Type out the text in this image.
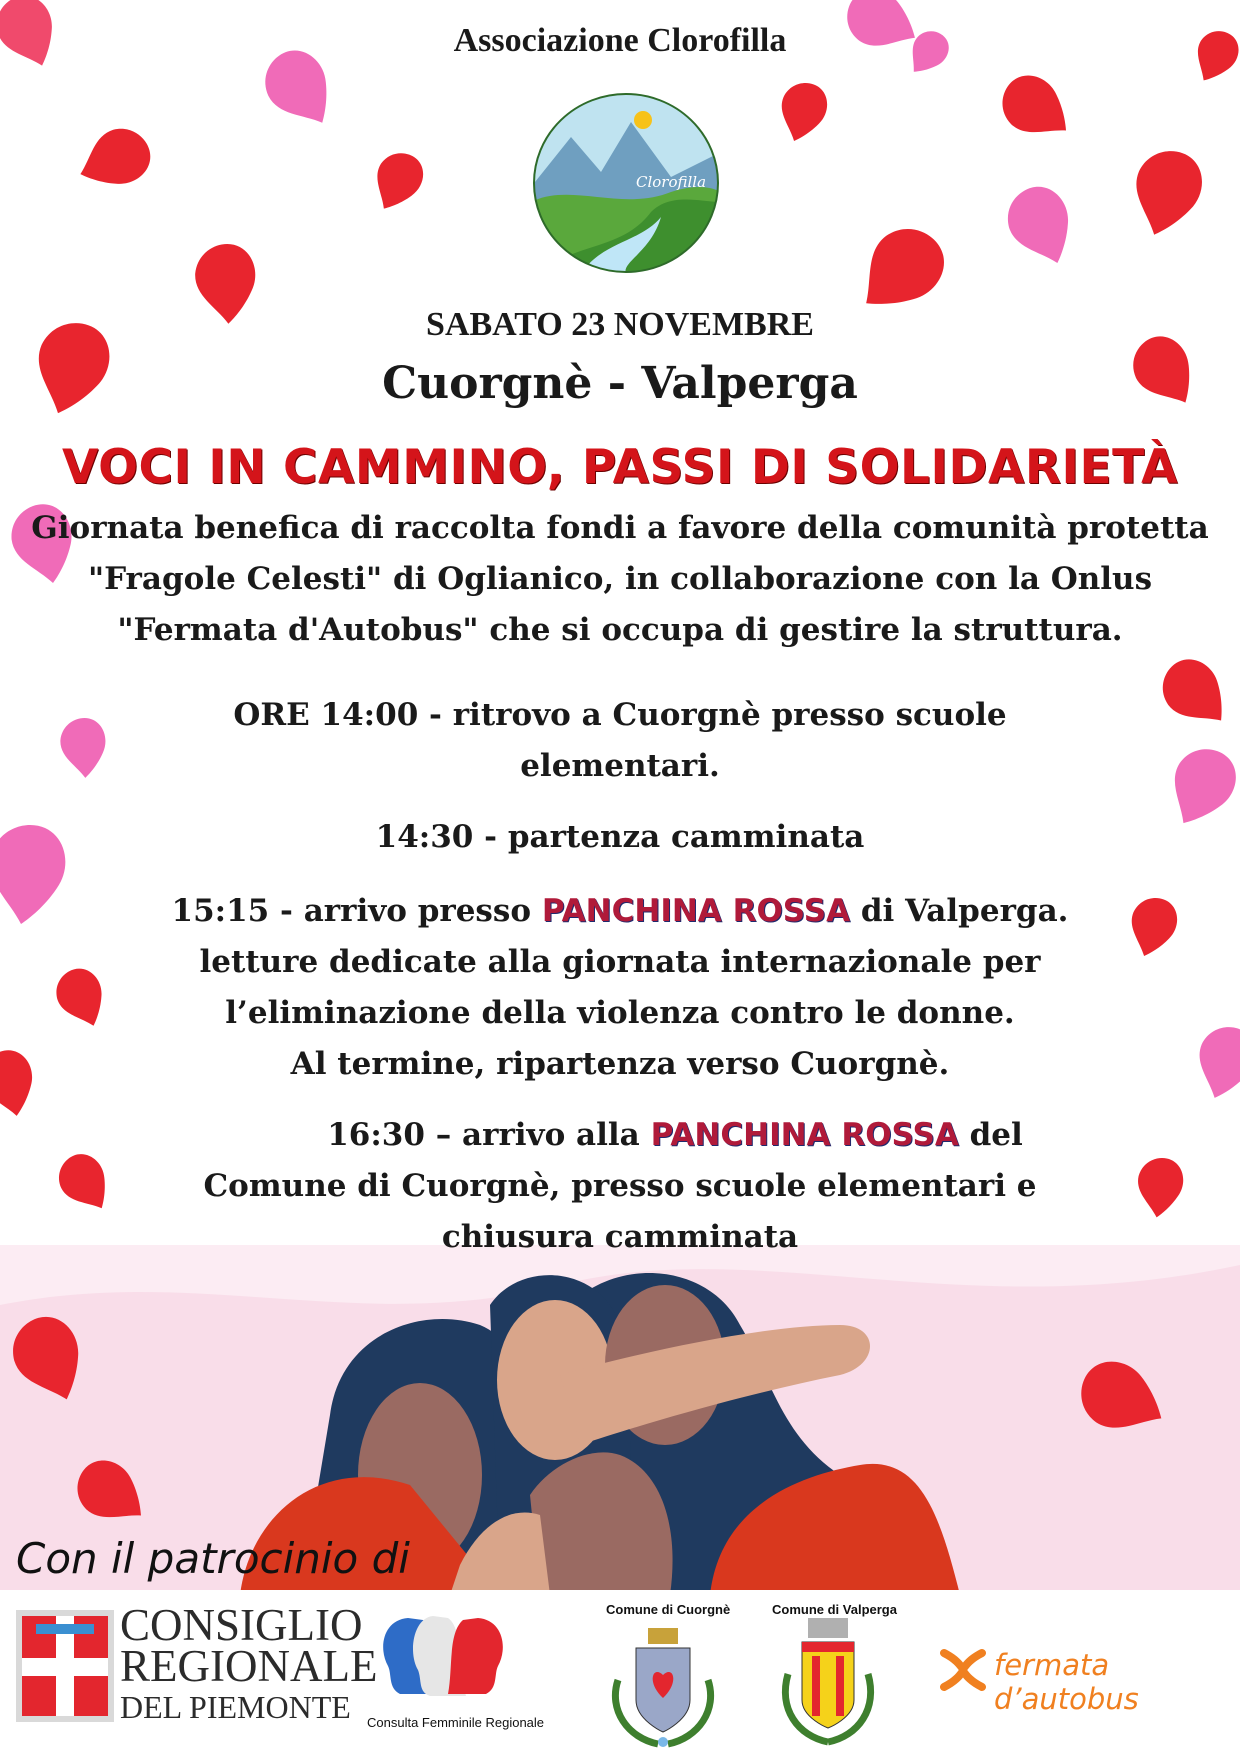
Associazione Clorofilla
Clorofilla
SABATO 23 NOVEMBRE
Cuorgnè - Valperga
VOCI IN CAMMINO, PASSI DI SOLIDARIETÀ
Giornata benefica di raccolta fondi a favore della comunità protetta
"Fragole Celesti" di Oglianico, in collaborazione con la Onlus
"Fermata d'Autobus" che si occupa di gestire la struttura.
ORE 14:00 - ritrovo a Cuorgnè presso scuole
elementari.
14:30 - partenza camminata
15:15 - arrivo presso PANCHINA ROSSA di Valperga.
letture dedicate alla giornata internazionale per
l’eliminazione della violenza contro le donne.
Al termine, ripartenza verso Cuorgnè.
16:30 – arrivo alla PANCHINA ROSSA del
Comune di Cuorgnè, presso scuole elementari e
chiusura camminata
Con il patrocinio di
CONSIGLIO
REGIONALE
DEL PIEMONTE	Consulta Femminile Regionale
Comune di Cuorgnè	Comune di Valperga
fermata d’autobus
